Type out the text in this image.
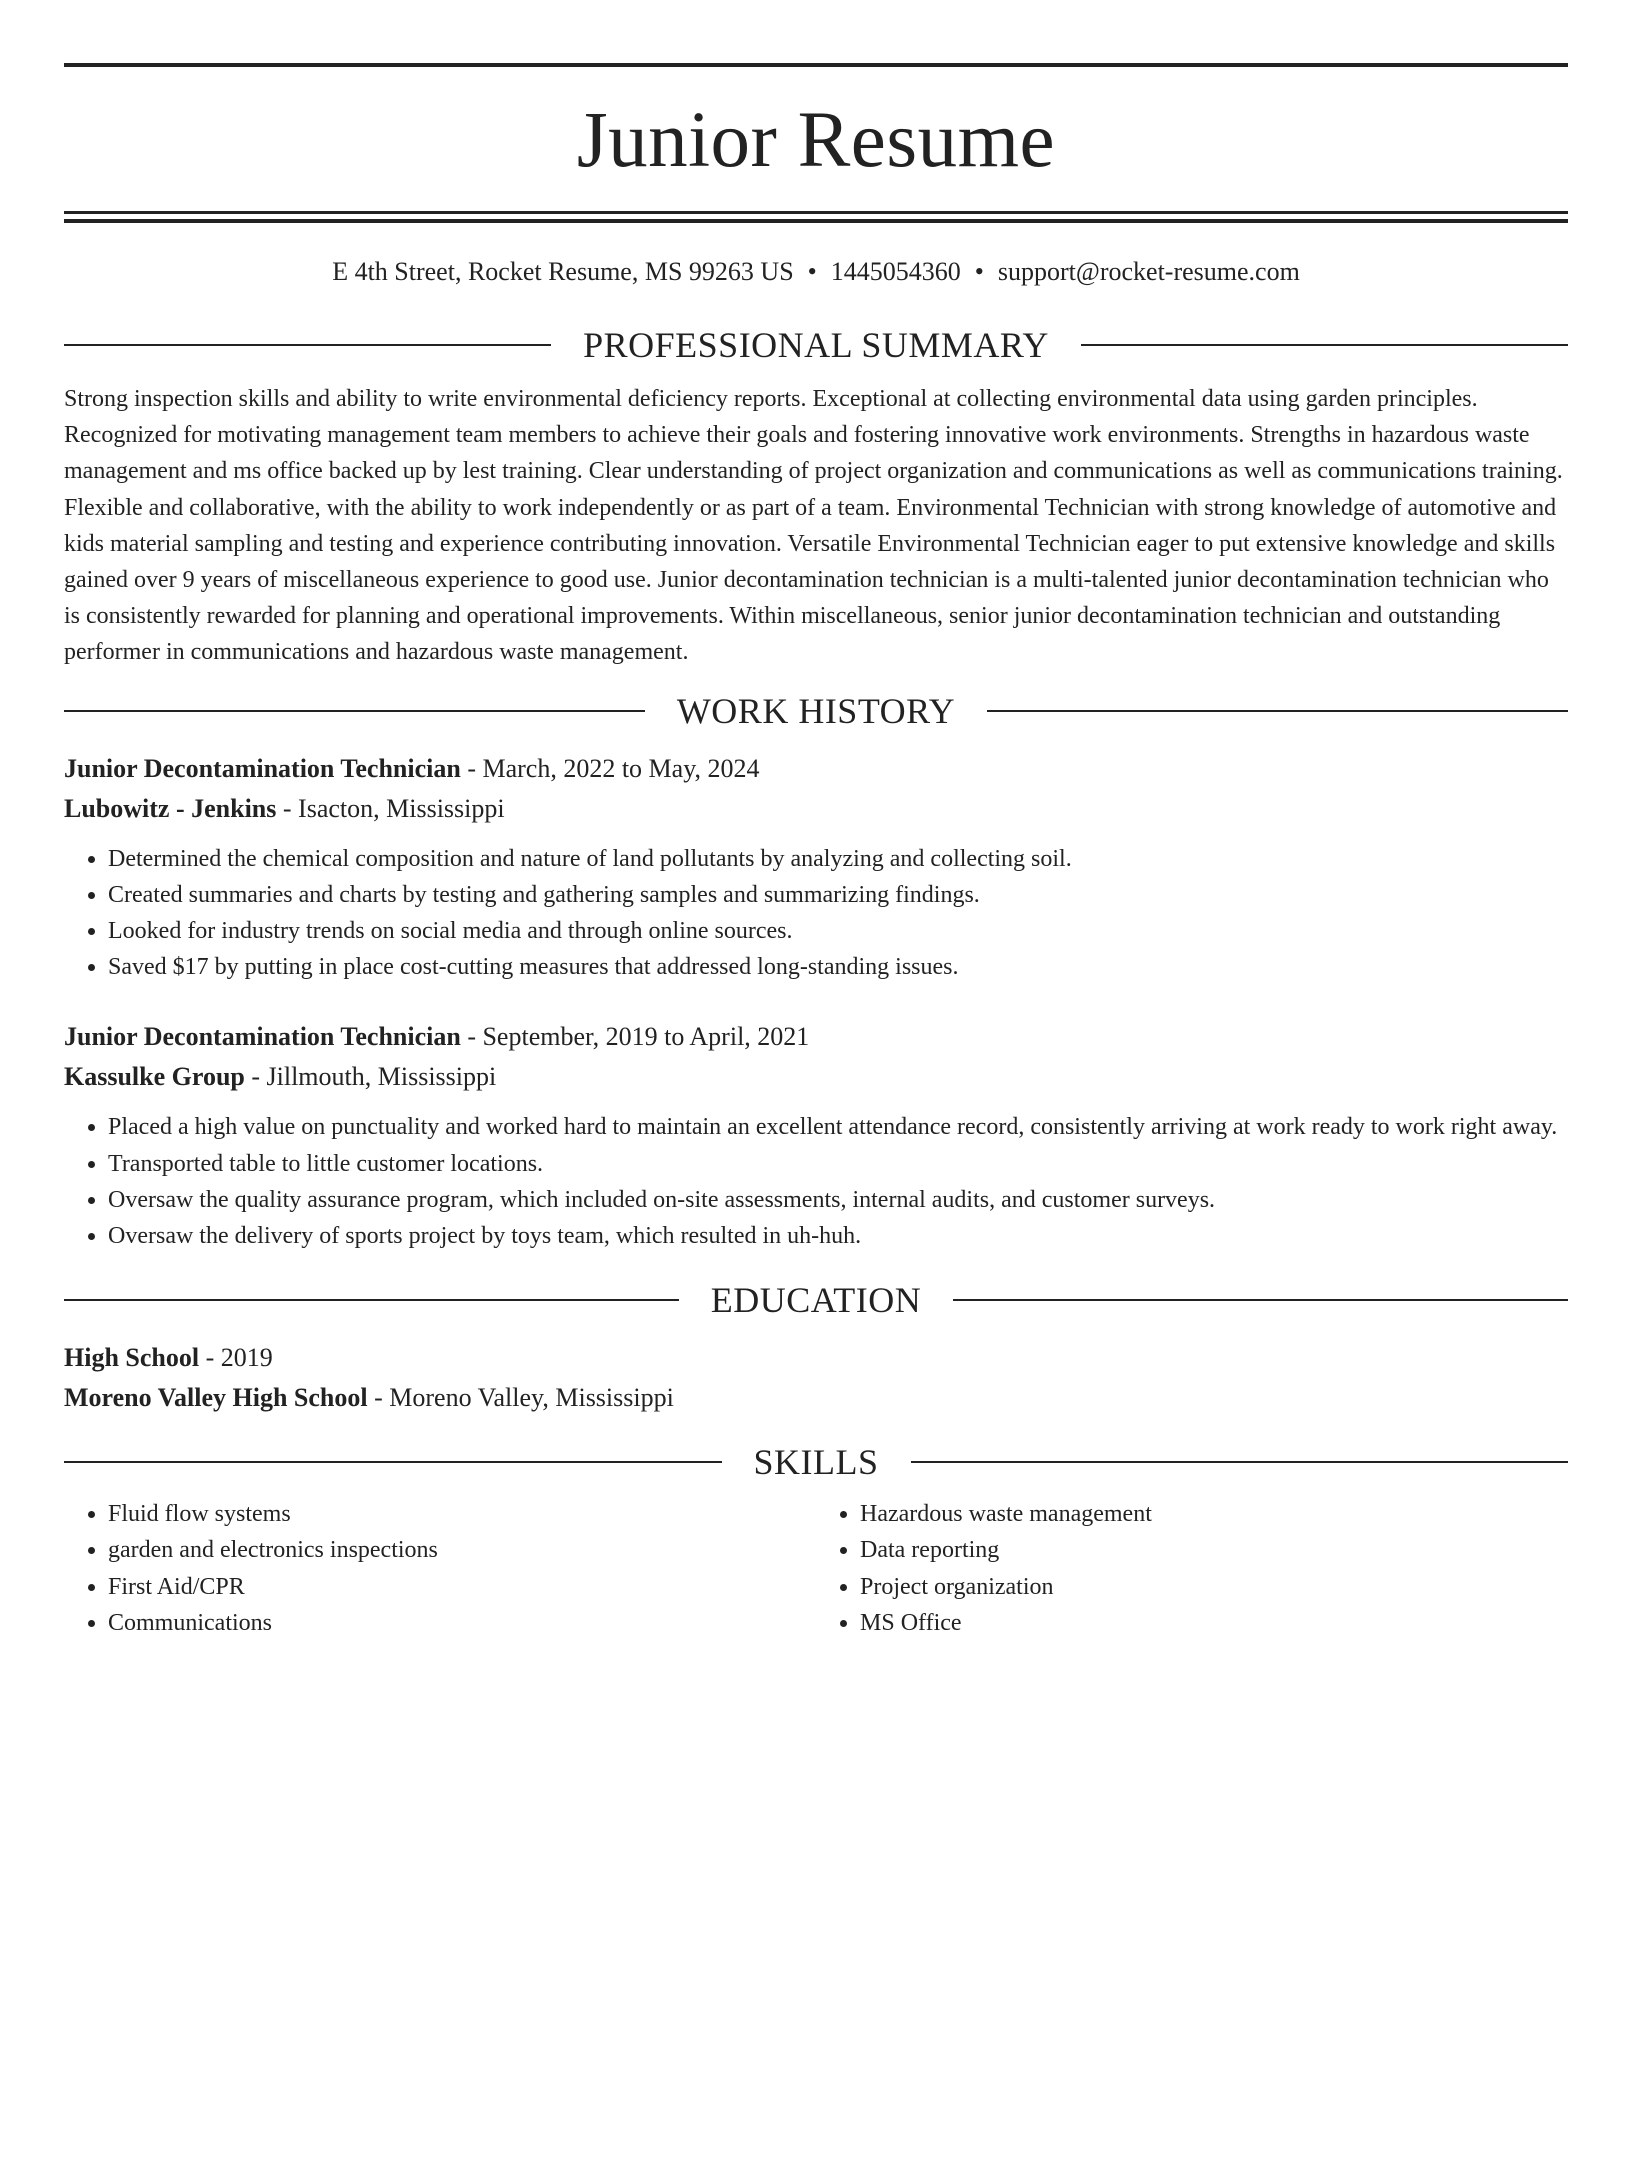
Junior Resume
E 4th Street, Rocket Resume, MS 99263 US • 1445054360 • support@rocket-resume.com
PROFESSIONAL SUMMARY

Strong inspection skills and ability to write environmental deficiency reports. Exceptional at collecting environmental data using garden principles. Recognized for motivating management team members to achieve their goals and fostering innovative work environments. Strengths in hazardous waste management and ms office backed up by lest training. Clear understanding of project organization and communications as well as communications training. Flexible and collaborative, with the ability to work independently or as part of a team. Environmental Technician with strong knowledge of automotive and kids material sampling and testing and experience contributing innovation. Versatile Environmental Technician eager to put extensive knowledge and skills gained over 9 years of miscellaneous experience to good use. Junior decontamination technician is a multi-talented junior decontamination technician who is consistently rewarded for planning and operational improvements. Within miscellaneous, senior junior decontamination technician and outstanding performer in communications and hazardous waste management.

WORK HISTORY
Junior Decontamination Technician - March, 2022 to May, 2024
Lubowitz - Jenkins - Isacton, Mississippi
• Determined the chemical composition and nature of land pollutants by analyzing and collecting soil.
• Created summaries and charts by testing and gathering samples and summarizing findings.
• Looked for industry trends on social media and through online sources.
• Saved $17 by putting in place cost-cutting measures that addressed long-standing issues.
Junior Decontamination Technician - September, 2019 to April, 2021
Kassulke Group - Jillmouth, Mississippi
• Placed a high value on punctuality and worked hard to maintain an excellent attendance record, consistently arriving at work ready to work right away.
• Transported table to little customer locations.
• Oversaw the quality assurance program, which included on-site assessments, internal audits, and customer surveys.
• Oversaw the delivery of sports project by toys team, which resulted in uh-huh.
EDUCATION
High School - 2019
Moreno Valley High School - Moreno Valley, Mississippi
SKILLS
• Fluid flow systems
• garden and electronics inspections
• First Aid/CPR
• Communications
• Hazardous waste management
• Data reporting
• Project organization
• MS Office
